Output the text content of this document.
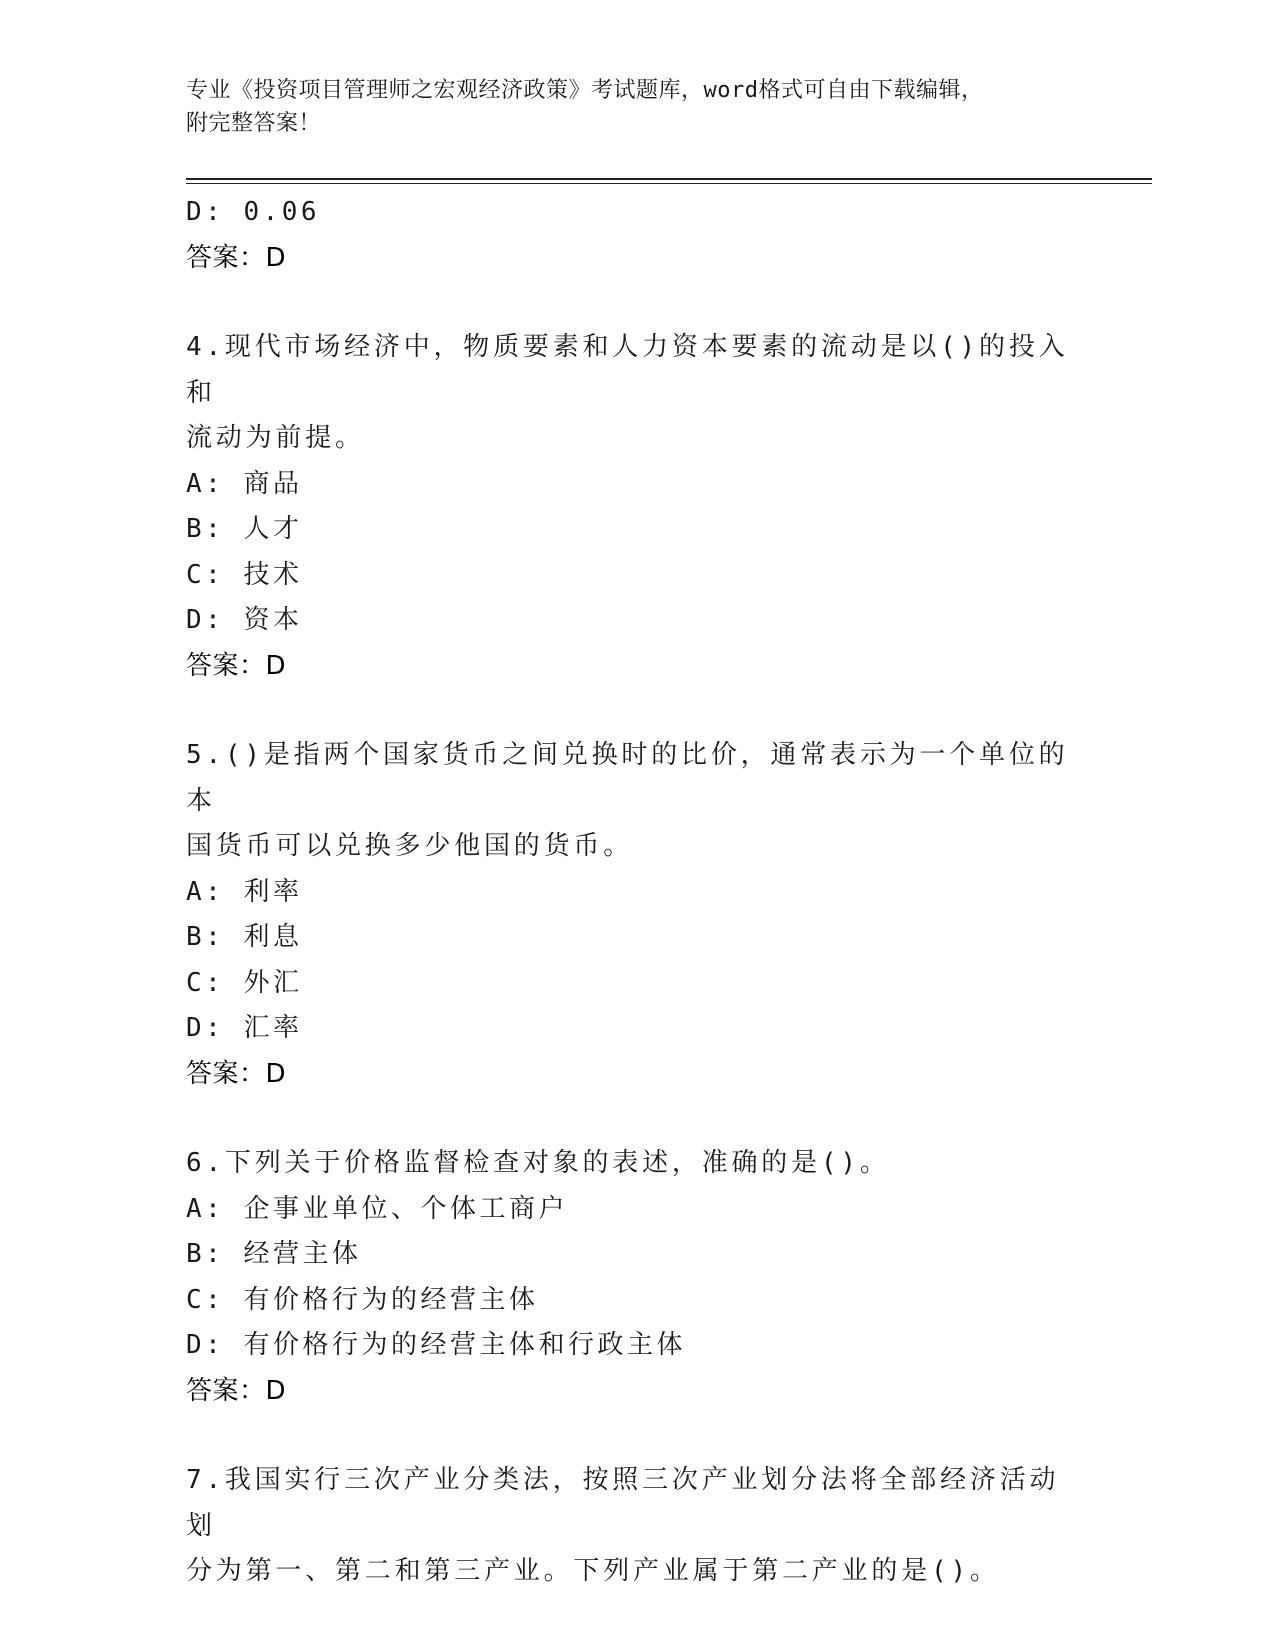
专业《投资项目管理师之宏观经济政策》考试题库，word格式可自由下载编辑，
附完整答案！
D: 0.06
答案：D
4.现代市场经济中，物质要素和人力资本要素的流动是以()的投入和
流动为前提。
A: 商品
B: 人才
C: 技术
D: 资本
答案：D
5.()是指两个国家货币之间兑换时的比价，通常表示为一个单位的本
国货币可以兑换多少他国的货币。
A: 利率
B: 利息
C: 外汇
D: 汇率
答案：D
6.下列关于价格监督检查对象的表述，准确的是()。
A: 企事业单位、个体工商户
B: 经营主体
C: 有价格行为的经营主体
D: 有价格行为的经营主体和行政主体
答案：D
7.我国实行三次产业分类法，按照三次产业划分法将全部经济活动划
分为第一、第二和第三产业。下列产业属于第二产业的是()。
